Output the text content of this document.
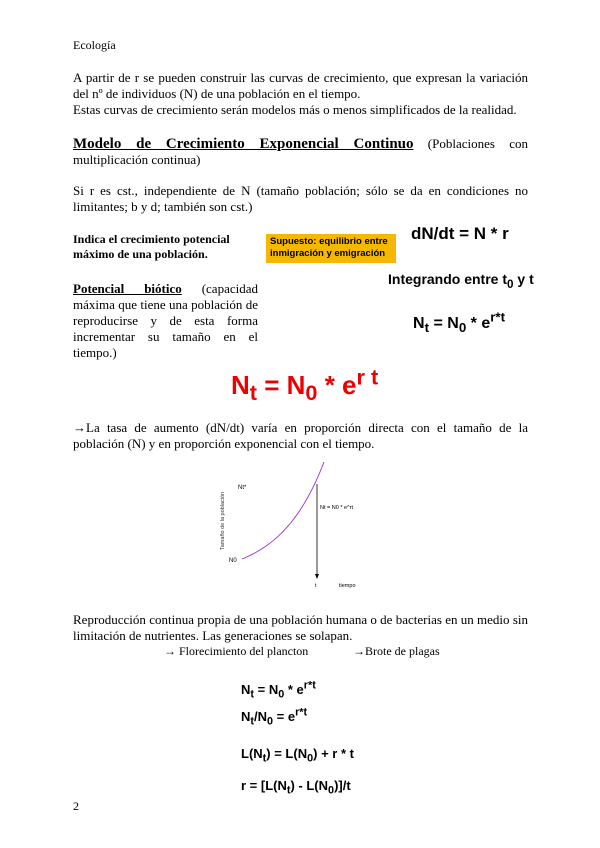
Ecología
A partir de r se pueden construir las curvas de crecimiento, que expresan la variación del nº de individuos (N) de una población en el tiempo.
Estas curvas de crecimiento serán modelos más o menos simplificados de la realidad.
Modelo de Crecimiento Exponencial Continuo (Poblaciones con multiplicación continua)
Si r es cst., independiente de N (tamaño población; sólo se da en condiciones no limitantes; b y d; también son cst.)
Indica el crecimiento potencial máximo de una población.
Supuesto: equilibrio entre inmigración y emigración
dN/dt = N * r
Integrando entre $t_0$ y t
$N_t = N_0 * e^{r*t}$
Potencial biótico (capacidad máxima que tiene una población de reproducirse y de esta forma incrementar su tamaño en el tiempo.)
$N_t = N_0 * e^{r t}$
→La tasa de aumento (dN/dt) varía en proporción directa con el tamaño de la población (N) y en proporción exponencial con el tiempo.
Tamaño de la población
Nt*
N0
Nt = N0 * e^rt
t	tiempo
Reproducción continua propia de una población humana o de bacterias en un medio sin limitación de nutrientes. Las generaciones se solapan.
→ Florecimiento del plancton	→Brote de plagas
$N_t = N_0 * e^{r*t}$
$N_t/N_0 = e^{r*t}$
$L(N_t) = L(N_0) + r * t$
$r = [L(N_t) - L(N_0)]/t$
2
